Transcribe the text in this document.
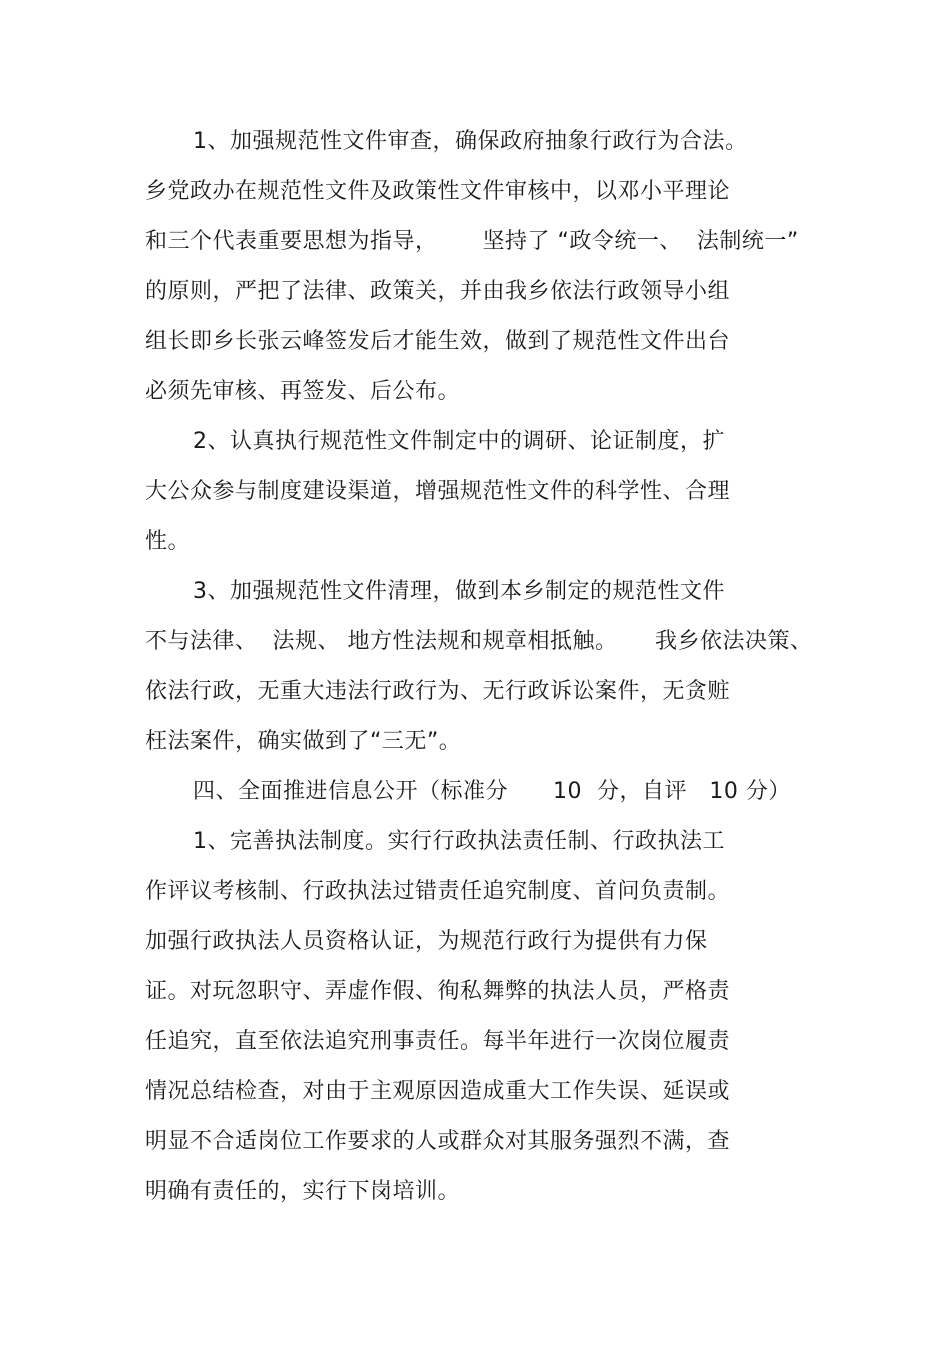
1、加强规范性文件审查，确保政府抽象行政行为合法。
乡党政办在规范性文件及政策性文件审核中，以邓小平理论
和三个代表重要思想为指导，      坚持了 “政令统一、  法制统一”
的原则，严把了法律、政策关，并由我乡依法行政领导小组
组长即乡长张云峰签发后才能生效，做到了规范性文件出台
必须先审核、再签发、后公布。
2、认真执行规范性文件制定中的调研、论证制度，扩
大公众参与制度建设渠道，增强规范性文件的科学性、合理
性。
3、加强规范性文件清理，做到本乡制定的规范性文件
不与法律、  法规、 地方性法规和规章相抵触。     我乡依法决策、
依法行政，无重大违法行政行为、无行政诉讼案件，无贪赃
枉法案件，确实做到了“三无”。
四、全面推进信息公开（标准分      10  分，自评   10 分）
1、完善执法制度。实行行政执法责任制、行政执法工
作评议考核制、行政执法过错责任追究制度、首问负责制。
加强行政执法人员资格认证，为规范行政行为提供有力保
证。对玩忽职守、弄虚作假、徇私舞弊的执法人员，严格责
任追究，直至依法追究刑事责任。每半年进行一次岗位履责
情况总结检查，对由于主观原因造成重大工作失误、延误或
明显不合适岗位工作要求的人或群众对其服务强烈不满，查
明确有责任的，实行下岗培训。
